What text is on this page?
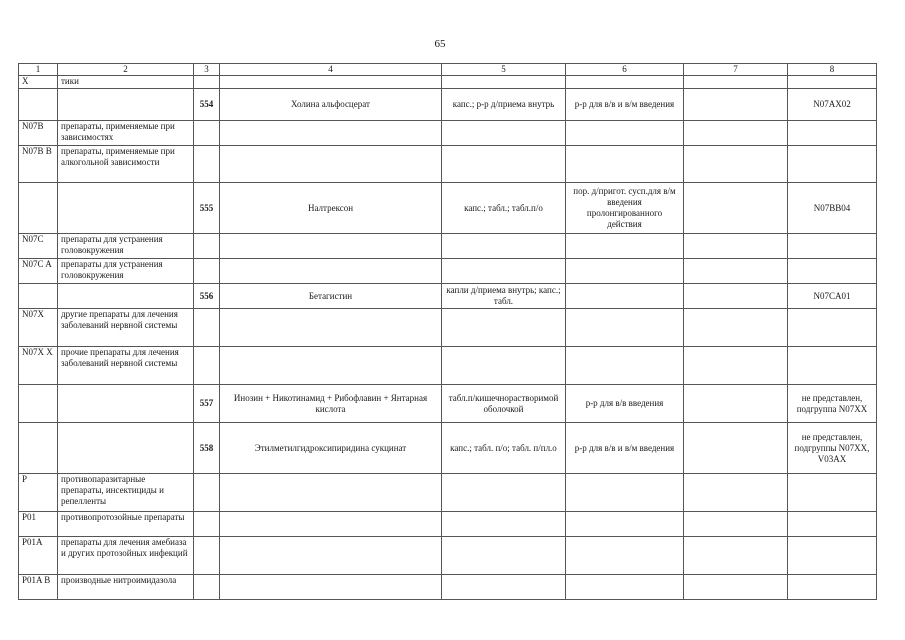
65
1	2	3	4	5	6	7	8
X	тики						
		554	Холина альфосцерат	капс.; р-р д/приема внутрь	р-р для в/в и в/м введения		N07AX02
N07B	препараты, применяемые при зависимостях						
N07B B	препараты, применяемые при алкогольной зависимости						
		555	Налтрексон	капс.; табл.; табл.п/о	пор. д/пригот. сусп.для в/м введения пролонгированного действия		N07BB04
N07C	препараты для устранения головокружения						
N07C A	препараты для устранения головокружения						
		556	Бетагистин	капли д/приема внутрь; капс.; табл.			N07CA01
N07X	другие препараты для лечения заболеваний нервной системы						
N07X X	прочие препараты для лечения заболеваний нервной системы						
		557	Инозин + Никотинамид + Рибофлавин + Янтарная кислота	табл.п/кишечнорастворимой оболочкой	р-р для в/в введения		не представлен, подгруппа N07XX
		558	Этилметилгидроксипиридина сукцинат	капс.; табл. п/о; табл. п/пл.о	р-р для в/в и в/м введения		не представлен, подгруппы N07XX, V03AX
P	противопаразитарные препараты, инсектициды и репелленты						
P01	противопротозойные препараты						
P01A	препараты для лечения амебиаза и других протозойных инфекций						
P01A B	производные нитроимидазола						
